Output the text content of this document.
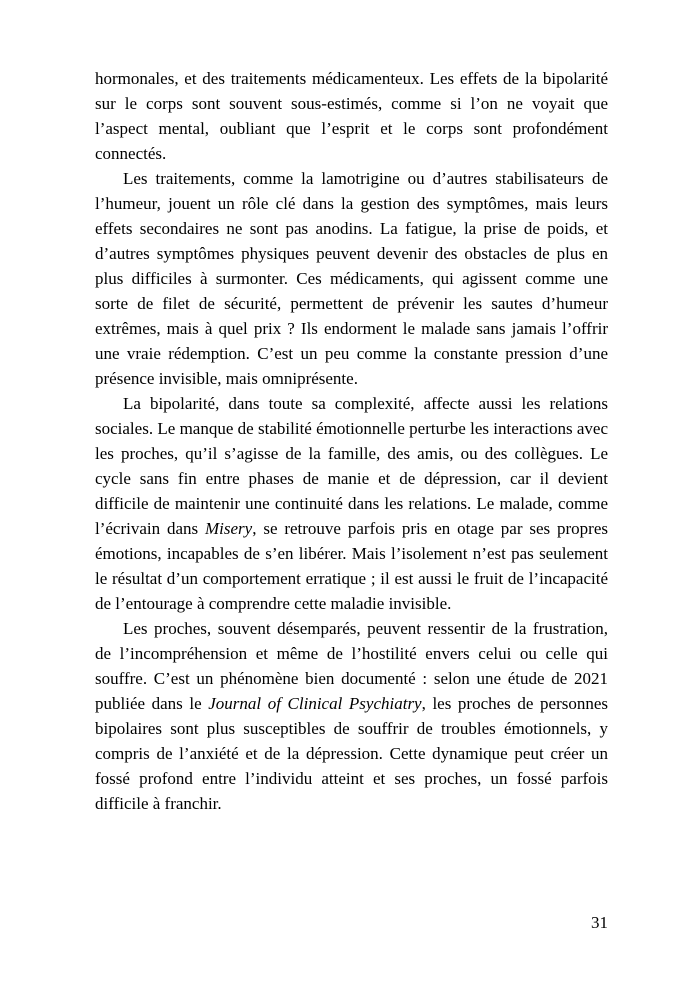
hormonales, et des traitements médicamenteux. Les effets de la bipolarité sur le corps sont souvent sous-estimés, comme si l’on ne voyait que l’aspect mental, oubliant que l’esprit et le corps sont profondément connectés.

Les traitements, comme la lamotrigine ou d’autres stabilisateurs de l’humeur, jouent un rôle clé dans la gestion des symptômes, mais leurs effets secondaires ne sont pas anodins. La fatigue, la prise de poids, et d’autres symptômes physiques peuvent devenir des obstacles de plus en plus difficiles à surmonter. Ces médicaments, qui agissent comme une sorte de filet de sécurité, permettent de prévenir les sautes d’humeur extrêmes, mais à quel prix ? Ils endorment le malade sans jamais l’offrir une vraie rédemption. C’est un peu comme la constante pression d’une présence invisible, mais omniprésente.

La bipolarité, dans toute sa complexité, affecte aussi les relations sociales. Le manque de stabilité émotionnelle perturbe les interactions avec les proches, qu’il s’agisse de la famille, des amis, ou des collègues. Le cycle sans fin entre phases de manie et de dépression, car il devient difficile de maintenir une continuité dans les relations. Le malade, comme l’écrivain dans Misery, se retrouve parfois pris en otage par ses propres émotions, incapables de s’en libérer. Mais l’isolement n’est pas seulement le résultat d’un comportement erratique ; il est aussi le fruit de l’incapacité de l’entourage à comprendre cette maladie invisible.

Les proches, souvent désemparés, peuvent ressentir de la frustration, de l’incompréhension et même de l’hostilité envers celui ou celle qui souffre. C’est un phénomène bien documenté : selon une étude de 2021 publiée dans le Journal of Clinical Psychiatry, les proches de personnes bipolaires sont plus susceptibles de souffrir de troubles émotionnels, y compris de l’anxiété et de la dépression. Cette dynamique peut créer un fossé profond entre l’individu atteint et ses proches, un fossé parfois difficile à franchir.

31
